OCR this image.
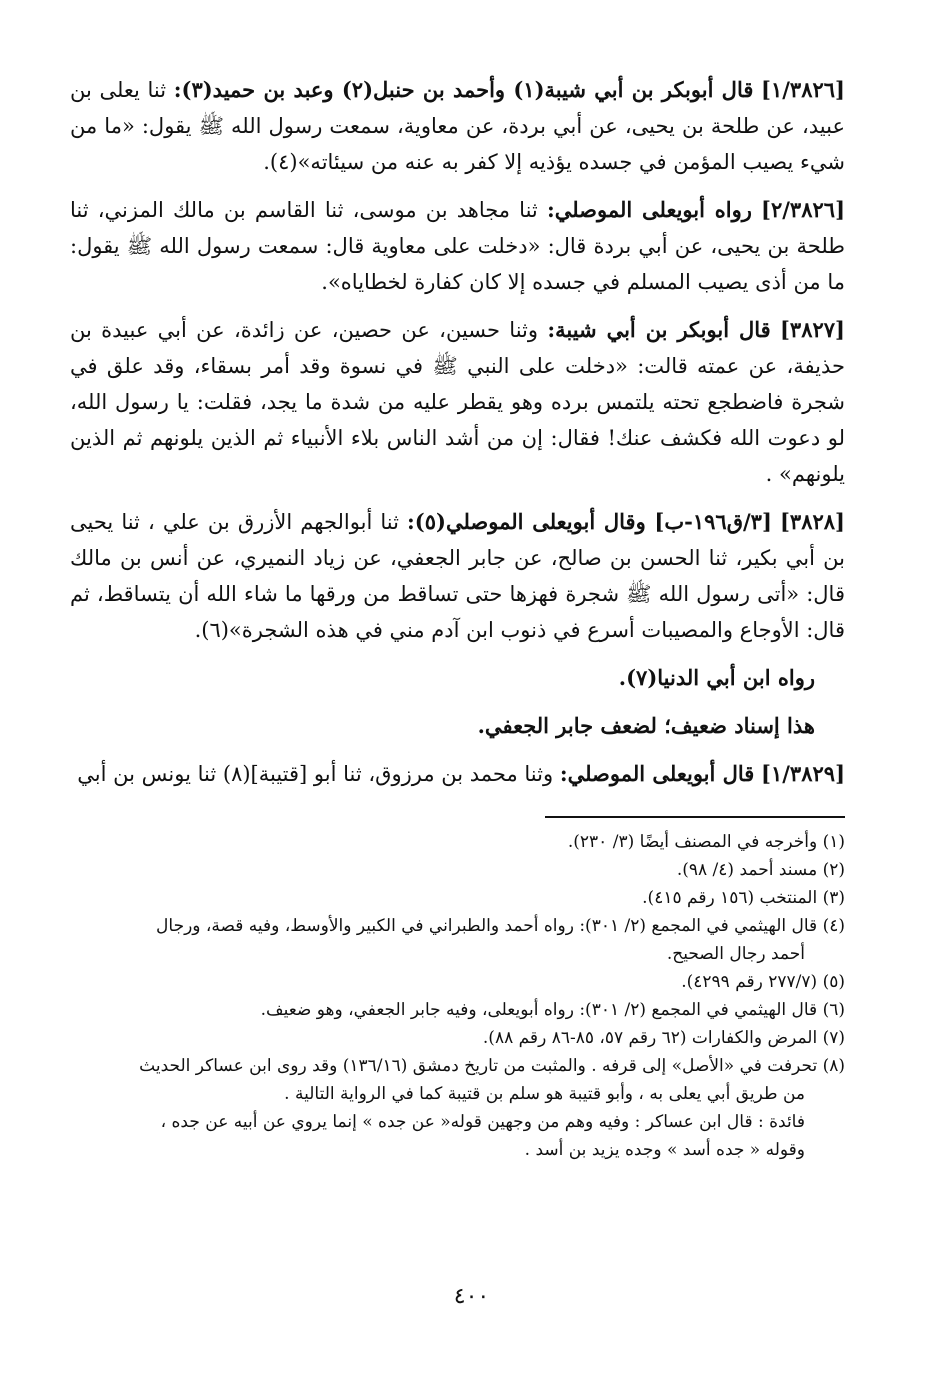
[١/٣٨٢٦] قال أبوبكر بن أبي شيبة(١) وأحمد بن حنبل(٢) وعبد بن حميد(٣): ثنا يعلى بن عبيد، عن طلحة بن يحيى، عن أبي بردة، عن معاوية، سمعت رسول الله ﷺ يقول: «ما من شيء يصيب المؤمن في جسده يؤذيه إلا كفر به عنه من سيئاته»(٤).

[٢/٣٨٢٦] رواه أبويعلى الموصلي: ثنا مجاهد بن موسى، ثنا القاسم بن مالك المزني، ثنا طلحة بن يحيى، عن أبي بردة قال: «دخلت على معاوية قال: سمعت رسول الله ﷺ يقول: ما من أذى يصيب المسلم في جسده إلا كان كفارة لخطاياه».

[٣٨٢٧] قال أبوبكر بن أبي شيبة: وثنا حسين، عن حصين، عن زائدة، عن أبي عبيدة بن حذيفة، عن عمته قالت: «دخلت على النبي ﷺ في نسوة وقد أمر بسقاء، وقد علق في شجرة فاضطجع تحته يلتمس برده وهو يقطر عليه من شدة ما يجد، فقلت: يا رسول الله، لو دعوت الله فكشف عنك! فقال: إن من أشد الناس بلاء الأنبياء ثم الذين يلونهم ثم الذين يلونهم» .

[٣٨٢٨] [٣/ق١٩٦-ب] وقال أبويعلى الموصلي(٥): ثنا أبوالجهم الأزرق بن علي ، ثنا يحيى بن أبي بكير، ثنا الحسن بن صالح، عن جابر الجعفي، عن زياد النميري، عن أنس بن مالك قال: «أتى رسول الله ﷺ شجرة فهزها حتى تساقط من ورقها ما شاء الله أن يتساقط، ثم قال: الأوجاع والمصيبات أسرع في ذنوب ابن آدم مني في هذه الشجرة»(٦).

رواه ابن أبي الدنيا(٧).

هذا إسناد ضعيف؛ لضعف جابر الجعفي.

[١/٣٨٢٩] قال أبويعلى الموصلي: وثنا محمد بن مرزوق، ثنا أبو [قتيبة](٨) ثنا يونس بن أبي

(١) وأخرجه في المصنف أيضًا (٣/ ٢٣٠).

(٢) مسند أحمد (٤/ ٩٨).

(٣) المنتخب (١٥٦ رقم ٤١٥).

(٤) قال الهيثمي في المجمع (٢/ ٣٠١): رواه أحمد والطبراني في الكبير والأوسط، وفيه قصة، ورجال

أحمد رجال الصحيح.

(٥) (٢٧٧/٧ رقم ٤٢٩٩).

(٦) قال الهيثمي في المجمع (٢/ ٣٠١): رواه أبويعلى، وفيه جابر الجعفي، وهو ضعيف.

(٧) المرض والكفارات (٦٢ رقم ٥٧، ٨٥-٨٦ رقم ٨٨).

(٨) تحرفت في «الأصل» إلى قرفه . والمثبت من تاريخ دمشق (١٣٦/١٦) وقد روى ابن عساكر الحديث

من طريق أبي يعلى به ، وأبو قتيبة هو سلم بن قتيبة كما في الرواية التالية .

فائدة : قال ابن عساكر : وفيه وهم من وجهين قوله« عن جده » إنما يروي عن أبيه عن جده ،

وقوله « جده أسد » وجده يزيد بن أسد .

٤٠٠
